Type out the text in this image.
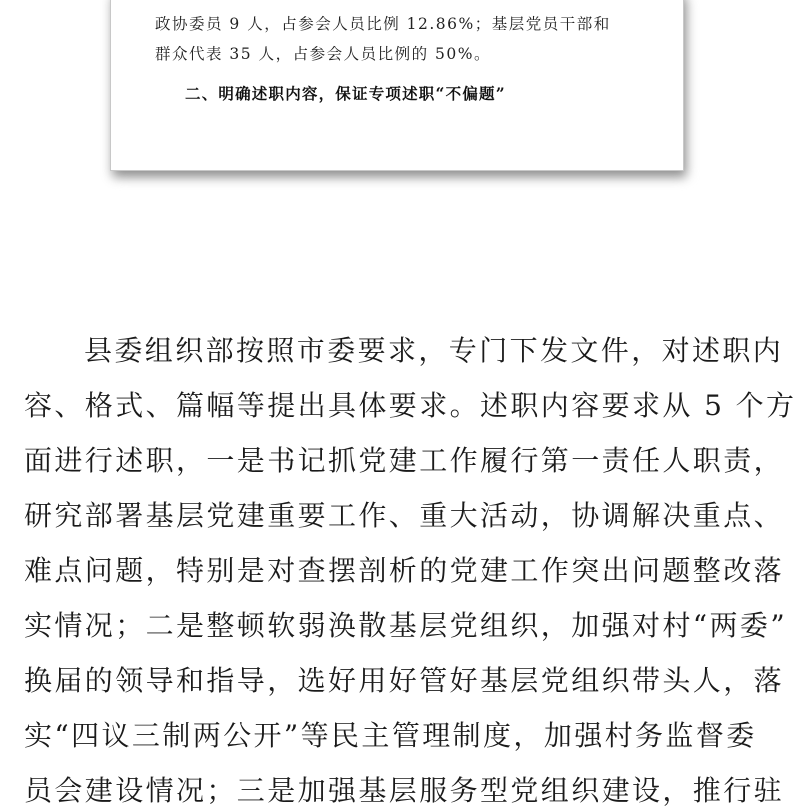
政协委员 9 人，占参会人员比例 12.86%；基层党员干部和
群众代表 35 人，占参会人员比例的 50%。
二、明确述职内容，保证专项述职“不偏题”
县委组织部按照市委要求，专门下发文件，对述职内
容、格式、篇幅等提出具体要求。述职内容要求从 5 个方
面进行述职，一是书记抓党建工作履行第一责任人职责，
研究部署基层党建重要工作、重大活动，协调解决重点、
难点问题，特别是对查摆剖析的党建工作突出问题整改落
实情况；二是整顿软弱涣散基层党组织，加强对村“两委”
换届的领导和指导，选好用好管好基层党组织带头人，落
实“四议三制两公开”等民主管理制度，加强村务监督委
员会建设情况；三是加强基层服务型党组织建设，推行驻
